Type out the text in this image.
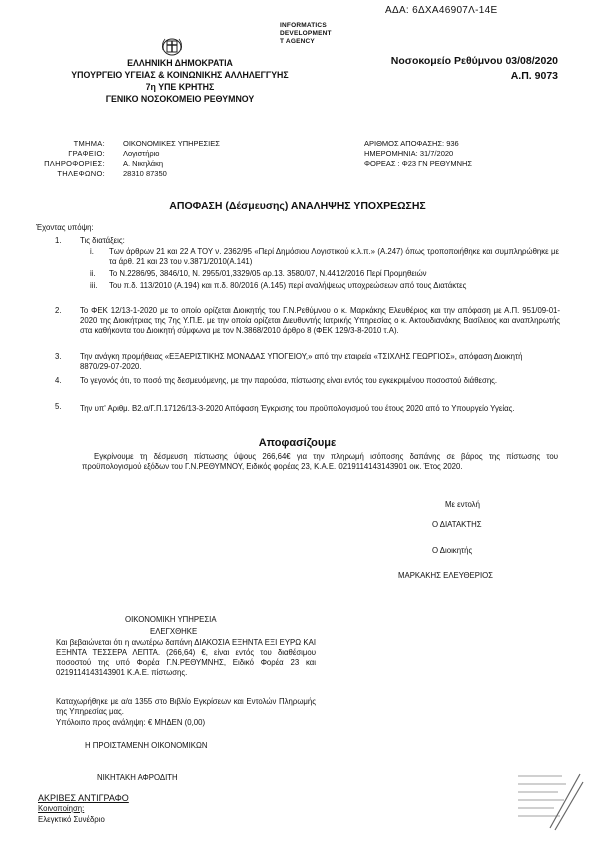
ΑΔΑ: 6ΔΧΑ46907Λ-14Ε
INFORMATICS
DEVELOPMENT
T AGENCY
Νοσοκομείο Ρεθύμνου 03/08/2020
Α.Π. 9073
ΕΛΛΗΝΙΚΗ ΔΗΜΟΚΡΑΤΙΑ
ΥΠΟΥΡΓΕΙΟ ΥΓΕΙΑΣ & ΚΟΙΝΩΝΙΚΗΣ ΑΛΛΗΛΕΓΓΥΗΣ
7η ΥΠΕ ΚΡΗΤΗΣ
ΓΕΝΙΚΟ ΝΟΣΟΚΟΜΕΙΟ ΡΕΘΥΜΝΟΥ
ΤΜΗΜΑ:
ΓΡΑΦΕΙΟ:
ΠΛΗΡΟΦΟΡΙΕΣ:
ΤΗΛΕΦΩΝΟ:
ΟΙΚΟΝΟΜΙΚΕΣ ΥΠΗΡΕΣΙΕΣ
Λογιστήριο
Α. Νικηλάκη
28310 87350
ΑΡΙΘΜΟΣ ΑΠΟΦΑΣΗΣ: 936
ΗΜΕΡΟΜΗΝΙΑ: 31/7/2020
ΦΟΡΕΑΣ : Φ23 ΓΝ ΡΕΘΥΜΝΗΣ
ΑΠΟΦΑΣΗ (Δέσμευσης) ΑΝΑΛΗΨΗΣ ΥΠΟΧΡΕΩΣΗΣ
Έχοντας υπόψη:
1. Τις διατάξεις:
i. Των άρθρων 21 και 22 Α ΤΟΥ ν. 2362/95 «Περί Δημόσιου Λογιστικού κ.λ.π.» (Α.247) όπως τροποποιήθηκε και συμπληρώθηκε με τα άρθ. 21 και 23 του ν.3871/2010(Α.141)
ii. Το Ν.2286/95, 3846/10, Ν. 2955/01,3329/05 αρ.13. 3580/07, Ν.4412/2016 Περί Προμηθειών
iii. Του π.δ. 113/2010 (Α.194) και π.δ. 80/2016 (Α.145) περί αναλήψεως υποχρεώσεων από τους Διατάκτες
2. Το ΦΕΚ 12/13-1-2020 με το οποίο ορίζεται Διοικητής του Γ.Ν.Ρεθύμνου ο κ. Μαρκάκης Ελευθέριος και την απόφαση με Α.Π. 951/09-01-2020 της Διοικήτριας της 7ης Υ.Π.Ε. με την οποία ορίζεται Διευθυντής Ιατρικής Υπηρεσίας ο κ. Ακτουδιανάκης Βασίλειος και αναπληρωτής στα καθήκοντα του Διοικητή σύμφωνα με τον Ν.3868/2010 άρθρο 8 (ΦΕΚ 129/3-8-2010 τ.Α).
3. Την ανάγκη προμήθειας «ΕΞΑΕΡΙΣΤΙΚΗΣ ΜΟΝΑΔΑΣ ΥΠΟΓΕΙΟΥ,» από την εταιρεία «ΤΣΙΧΛΗΣ ΓΕΩΡΓΙΟΣ», απόφαση Διοικητή 8870/29-07-2020.
4. Το γεγονός ότι, το ποσό της δεσμευόμενης, με την παρούσα, πίστωσης είναι εντός του εγκεκριμένου ποσοστού διάθεσης.
5. Την υπ' Αριθμ. Β2.α/Γ.Π.17126/13-3-2020 Απόφαση Έγκρισης του προϋπολογισμού του έτους 2020 από το Υπουργείο Υγείας.
Αποφασίζουμε
Εγκρίνουμε τη δέσμευση πίστωσης ύψους 266,64€ για την πληρωμή ισόποσης δαπάνης σε βάρος της πίστωσης του προϋπολογισμού εξόδων του Γ.Ν.ΡΕΘΥΜΝΟΥ, Ειδικός φορέας 23, Κ.Α.Ε. 0219114143143901 οικ. Έτος 2020.
Με εντολή
Ο ΔΙΑΤΑΚΤΗΣ
Ο Διοικητής
ΜΑΡΚΑΚΗΣ ΕΛΕΥΘΕΡΙΟΣ
ΟΙΚΟΝΟΜΙΚΗ ΥΠΗΡΕΣΙΑ
ΕΛΕΓΧΘΗΚΕ
Και βεβαιώνεται ότι η ανωτέρω δαπάνη ΔΙΑΚΟΣΙΑ ΕΞΗΝΤΑ ΕΞΙ ΕΥΡΩ ΚΑΙ ΕΞΗΝΤΑ ΤΕΣΣΕΡΑ ΛΕΠΤΑ. (266,64) €, είναι εντός του διαθέσιμου ποσοστού της υπό Φορέα Γ.Ν.ΡΕΘΥΜΝΗΣ, Ειδικό Φορέα 23 και 0219114143143901 Κ.Α.Ε. πίστωσης.
Καταχωρήθηκε με α/α 1355 στο Βιβλίο Εγκρίσεων και Εντολών Πληρωμής της Υπηρεσίας μας.
Υπόλοιπο προς ανάληψη: € ΜΗΔΕΝ (0,00)
Η ΠΡΟΙΣΤΑΜΕΝΗ ΟΙΚΟΝΟΜΙΚΩΝ
ΝΙΚΗΤΑΚΗ ΑΦΡΟΔΙΤΗ
ΑΚΡΙΒΕΣ ΑΝΤΙΓΡΑΦΟ
Κοινοποίηση:
Ελεγκτικό Συνέδριο
